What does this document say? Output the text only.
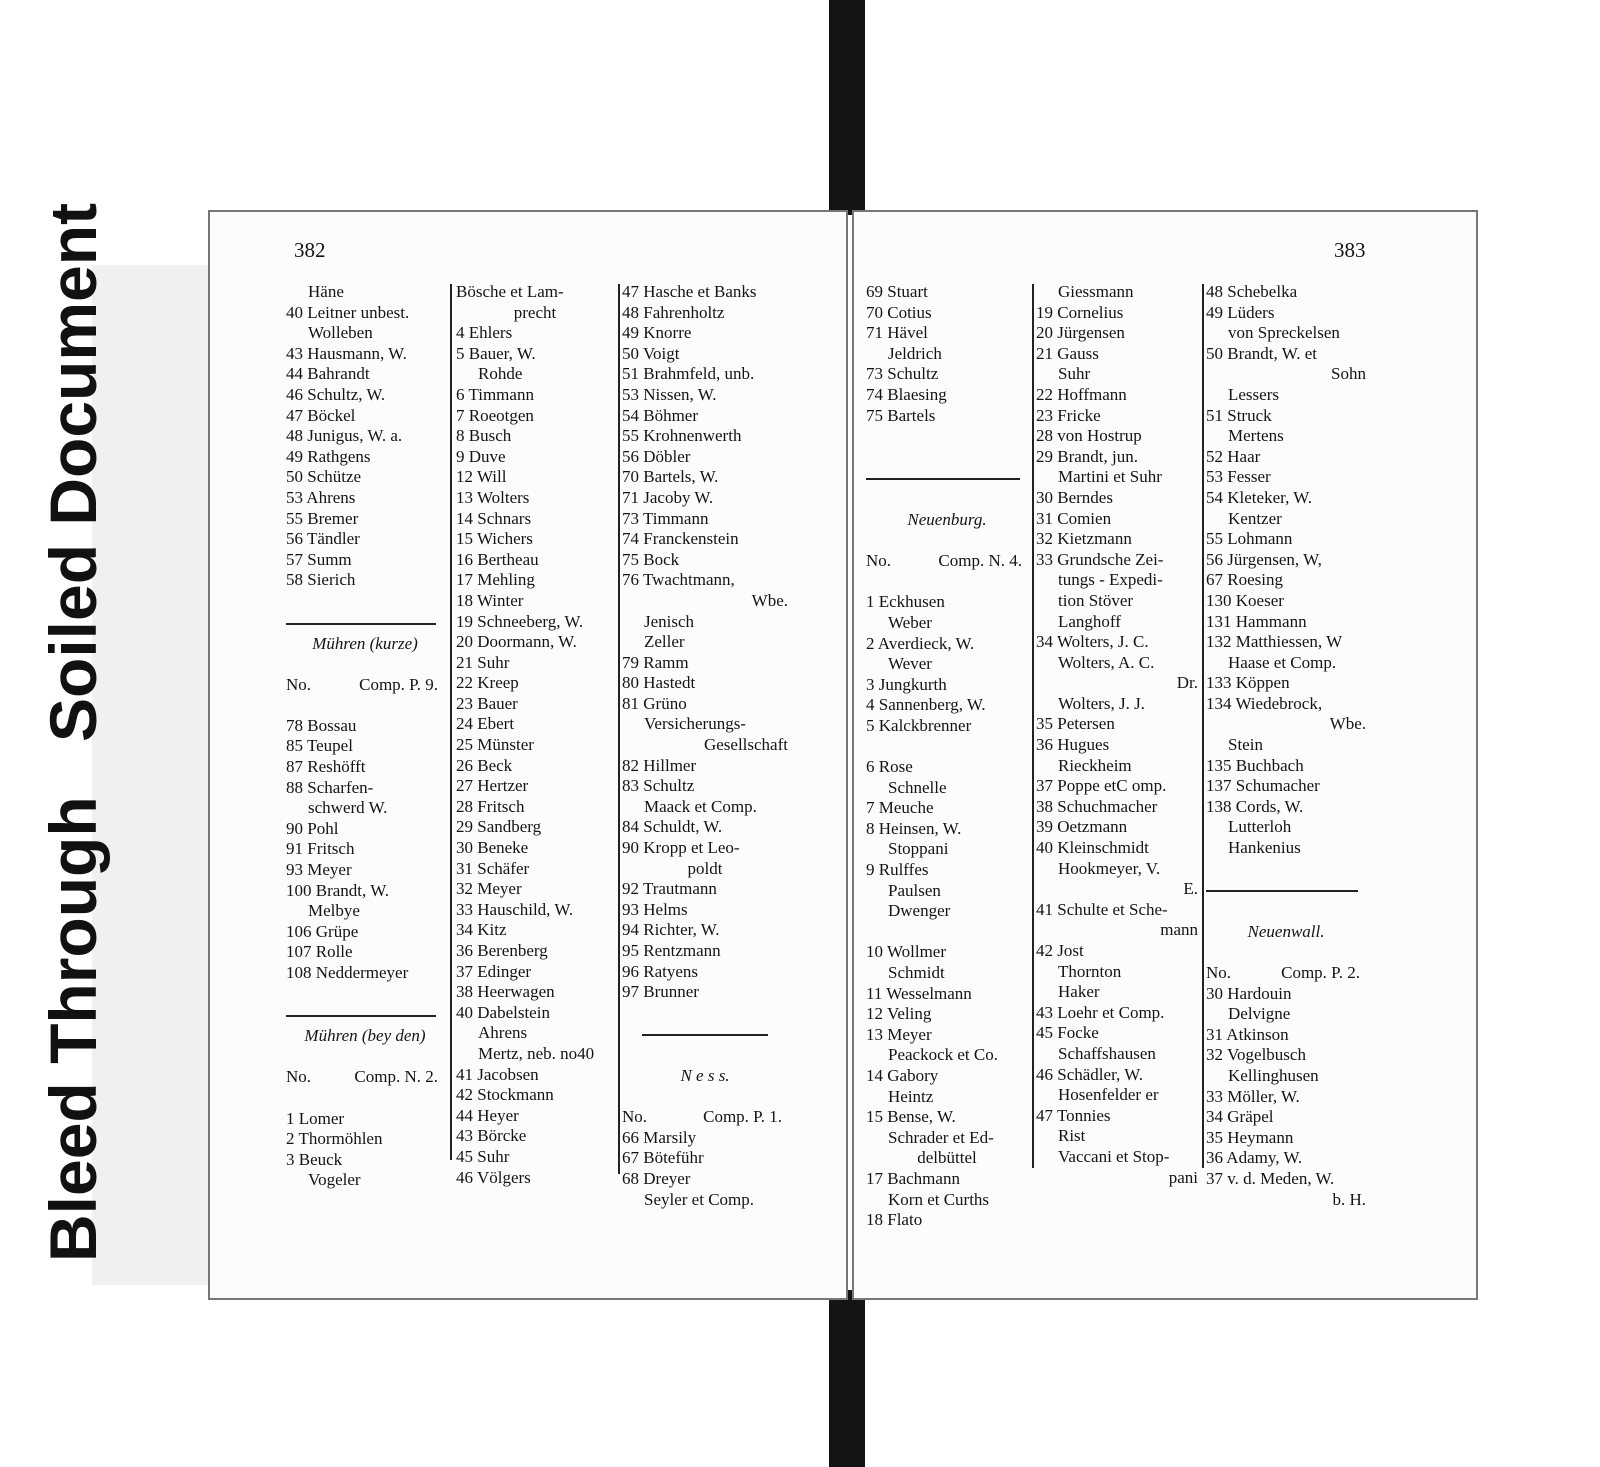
Bleed ThroughSoiled Document	382
Häne
40 Leitner unbest.
Wolleben
43 Hausmann, W.
44 Bahrandt
46 Schultz, W.
47 Böckel
48 Junigus, W. a.
49 Rathgens
50 Schütze
53 Ahrens
55 Bremer
56 Tändler
57 Summ
58 Sierich
Mühren (kurze)
No.	Comp. P. 9.
78 Bossau
85 Teupel
87 Reshöfft
88 Scharfen-
schwerd W.
90 Pohl
91 Fritsch
93 Meyer
100 Brandt, W.
Melbye
106 Grüpe
107 Rolle
108 Neddermeyer
Mühren (bey den)
No.	Comp. N. 2.
1 Lomer
2 Thormöhlen
3 Beuck
Vogeler
Bösche et Lam-
precht
4 Ehlers
5 Bauer, W.
Rohde
6 Timmann
7 Roeotgen
8 Busch
9 Duve
12 Will
13 Wolters
14 Schnars
15 Wichers
16 Bertheau
17 Mehling
18 Winter
19 Schneeberg, W.
20 Doormann, W.
21 Suhr
22 Kreep
23 Bauer
24 Ebert
25 Münster
26 Beck
27 Hertzer
28 Fritsch
29 Sandberg
30 Beneke
31 Schäfer
32 Meyer
33 Hauschild, W.
34 Kitz
36 Berenberg
37 Edinger
38 Heerwagen
40 Dabelstein
Ahrens
Mertz, neb. no40
41 Jacobsen
42 Stockmann
44 Heyer
43 Börcke
45 Suhr
46 Völgers
47 Hasche et Banks
48 Fahrenholtz
49 Knorre
50 Voigt
51 Brahmfeld, unb.
53 Nissen, W.
54 Böhmer
55 Krohnenwerth
56 Döbler
70 Bartels, W.
71 Jacoby W.
73 Timmann
74 Franckenstein
75 Bock
76 Twachtmann,
Wbe.
Jenisch
Zeller
79 Ramm
80 Hastedt
81 Grüno
Versicherungs-
Gesellschaft
82 Hillmer
83 Schultz
Maack et Comp.
84 Schuldt, W.
90 Kropp et Leo-
poldt
92 Trautmann
93 Helms
94 Richter, W.
95 Rentzmann
96 Ratyens
97 Brunner
N e s s.
No.	Comp. P. 1.
66 Marsily
67 Böteführ
68 Dreyer
Seyler et Comp.
383
69 Stuart
70 Cotius
71 Hävel
Jeldrich
73 Schultz
74 Blaesing
75 Bartels
Neuenburg.
No.	Comp. N. 4.
1 Eckhusen
Weber
2 Averdieck, W.
Wever
3 Jungkurth
4 Sannenberg, W.
5 Kalckbrenner
6 Rose
Schnelle
7 Meuche
8 Heinsen, W.
Stoppani
9 Rulffes
Paulsen
Dwenger
10 Wollmer
Schmidt
11 Wesselmann
12 Veling
13 Meyer
Peackock et Co.
14 Gabory
Heintz
15 Bense, W.
Schrader et Ed-
delbüttel
17 Bachmann
Korn et Curths
18 Flato
Giessmann
19 Cornelius
20 Jürgensen
21 Gauss
Suhr
22 Hoffmann
23 Fricke
28 von Hostrup
29 Brandt, jun.
Martini et Suhr
30 Berndes
31 Comien
32 Kietzmann
33 Grundsche Zei-
tungs - Expedi-
tion Stöver
Langhoff
34 Wolters, J. C.
Wolters, A. C.
Dr.
Wolters, J. J.
35 Petersen
36 Hugues
Rieckheim
37 Poppe etC omp.
38 Schuchmacher
39 Oetzmann
40 Kleinschmidt
Hookmeyer, V.
E.
41 Schulte et Sche-
mann
42 Jost
Thornton
Haker
43 Loehr et Comp.
45 Focke
Schaffshausen
46 Schädler, W.
Hosenfelder er
47 Tonnies
Rist
Vaccani et Stop-
pani
48 Schebelka
49 Lüders
von Spreckelsen
50 Brandt, W. et
Sohn
Lessers
51 Struck
Mertens
52 Haar
53 Fesser
54 Kleteker, W.
Kentzer
55 Lohmann
56 Jürgensen, W,
67 Roesing
130 Koeser
131 Hammann
132 Matthiessen, W
Haase et Comp.
133 Köppen
134 Wiedebrock,
Wbe.
Stein
135 Buchbach
137 Schumacher
138 Cords, W.
Lutterloh
Hankenius
Neuenwall.
No.	Comp. P. 2.
30 Hardouin
Delvigne
31 Atkinson
32 Vogelbusch
Kellinghusen
33 Möller, W.
34 Gräpel
35 Heymann
36 Adamy, W.
37 v. d. Meden, W.
b. H.
